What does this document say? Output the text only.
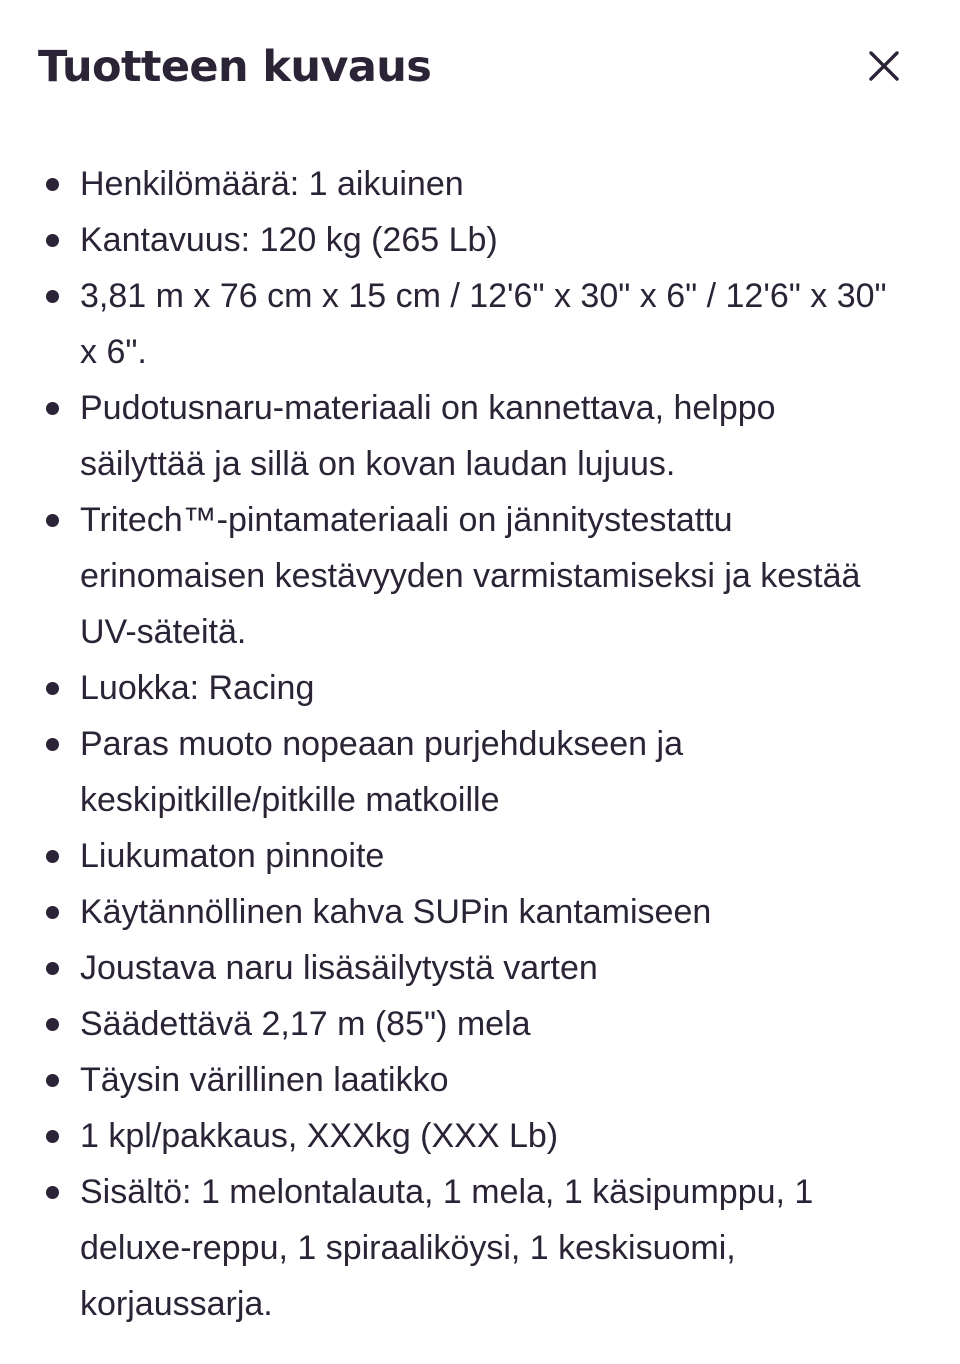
Tuotteen kuvaus
Henkilömäärä: 1 aikuinen
Kantavuus: 120 kg (265 Lb)
3,81 m x 76 cm x 15 cm / 12'6" x 30" x 6" / 12'6" x 30" x 6".
Pudotusnaru-materiaali on kannettava, helppo säilyttää ja sillä on kovan laudan lujuus.
Tritech™-pintamateriaali on jännitystestattu erinomaisen kestävyyden varmistamiseksi ja kestää UV-säteitä.
Luokka: Racing
Paras muoto nopeaan purjehdukseen ja keskipitkille/pitkille matkoille
Liukumaton pinnoite
Käytännöllinen kahva SUPin kantamiseen
Joustava naru lisäsäilytystä varten
Säädettävä 2,17 m (85") mela
Täysin värillinen laatikko
1 kpl/pakkaus, XXXkg (XXX Lb)
Sisältö: 1 melontalauta, 1 mela, 1 käsipumppu, 1 deluxe-reppu, 1 spiraaliköysi, 1 keskisuomi, korjaussarja.
